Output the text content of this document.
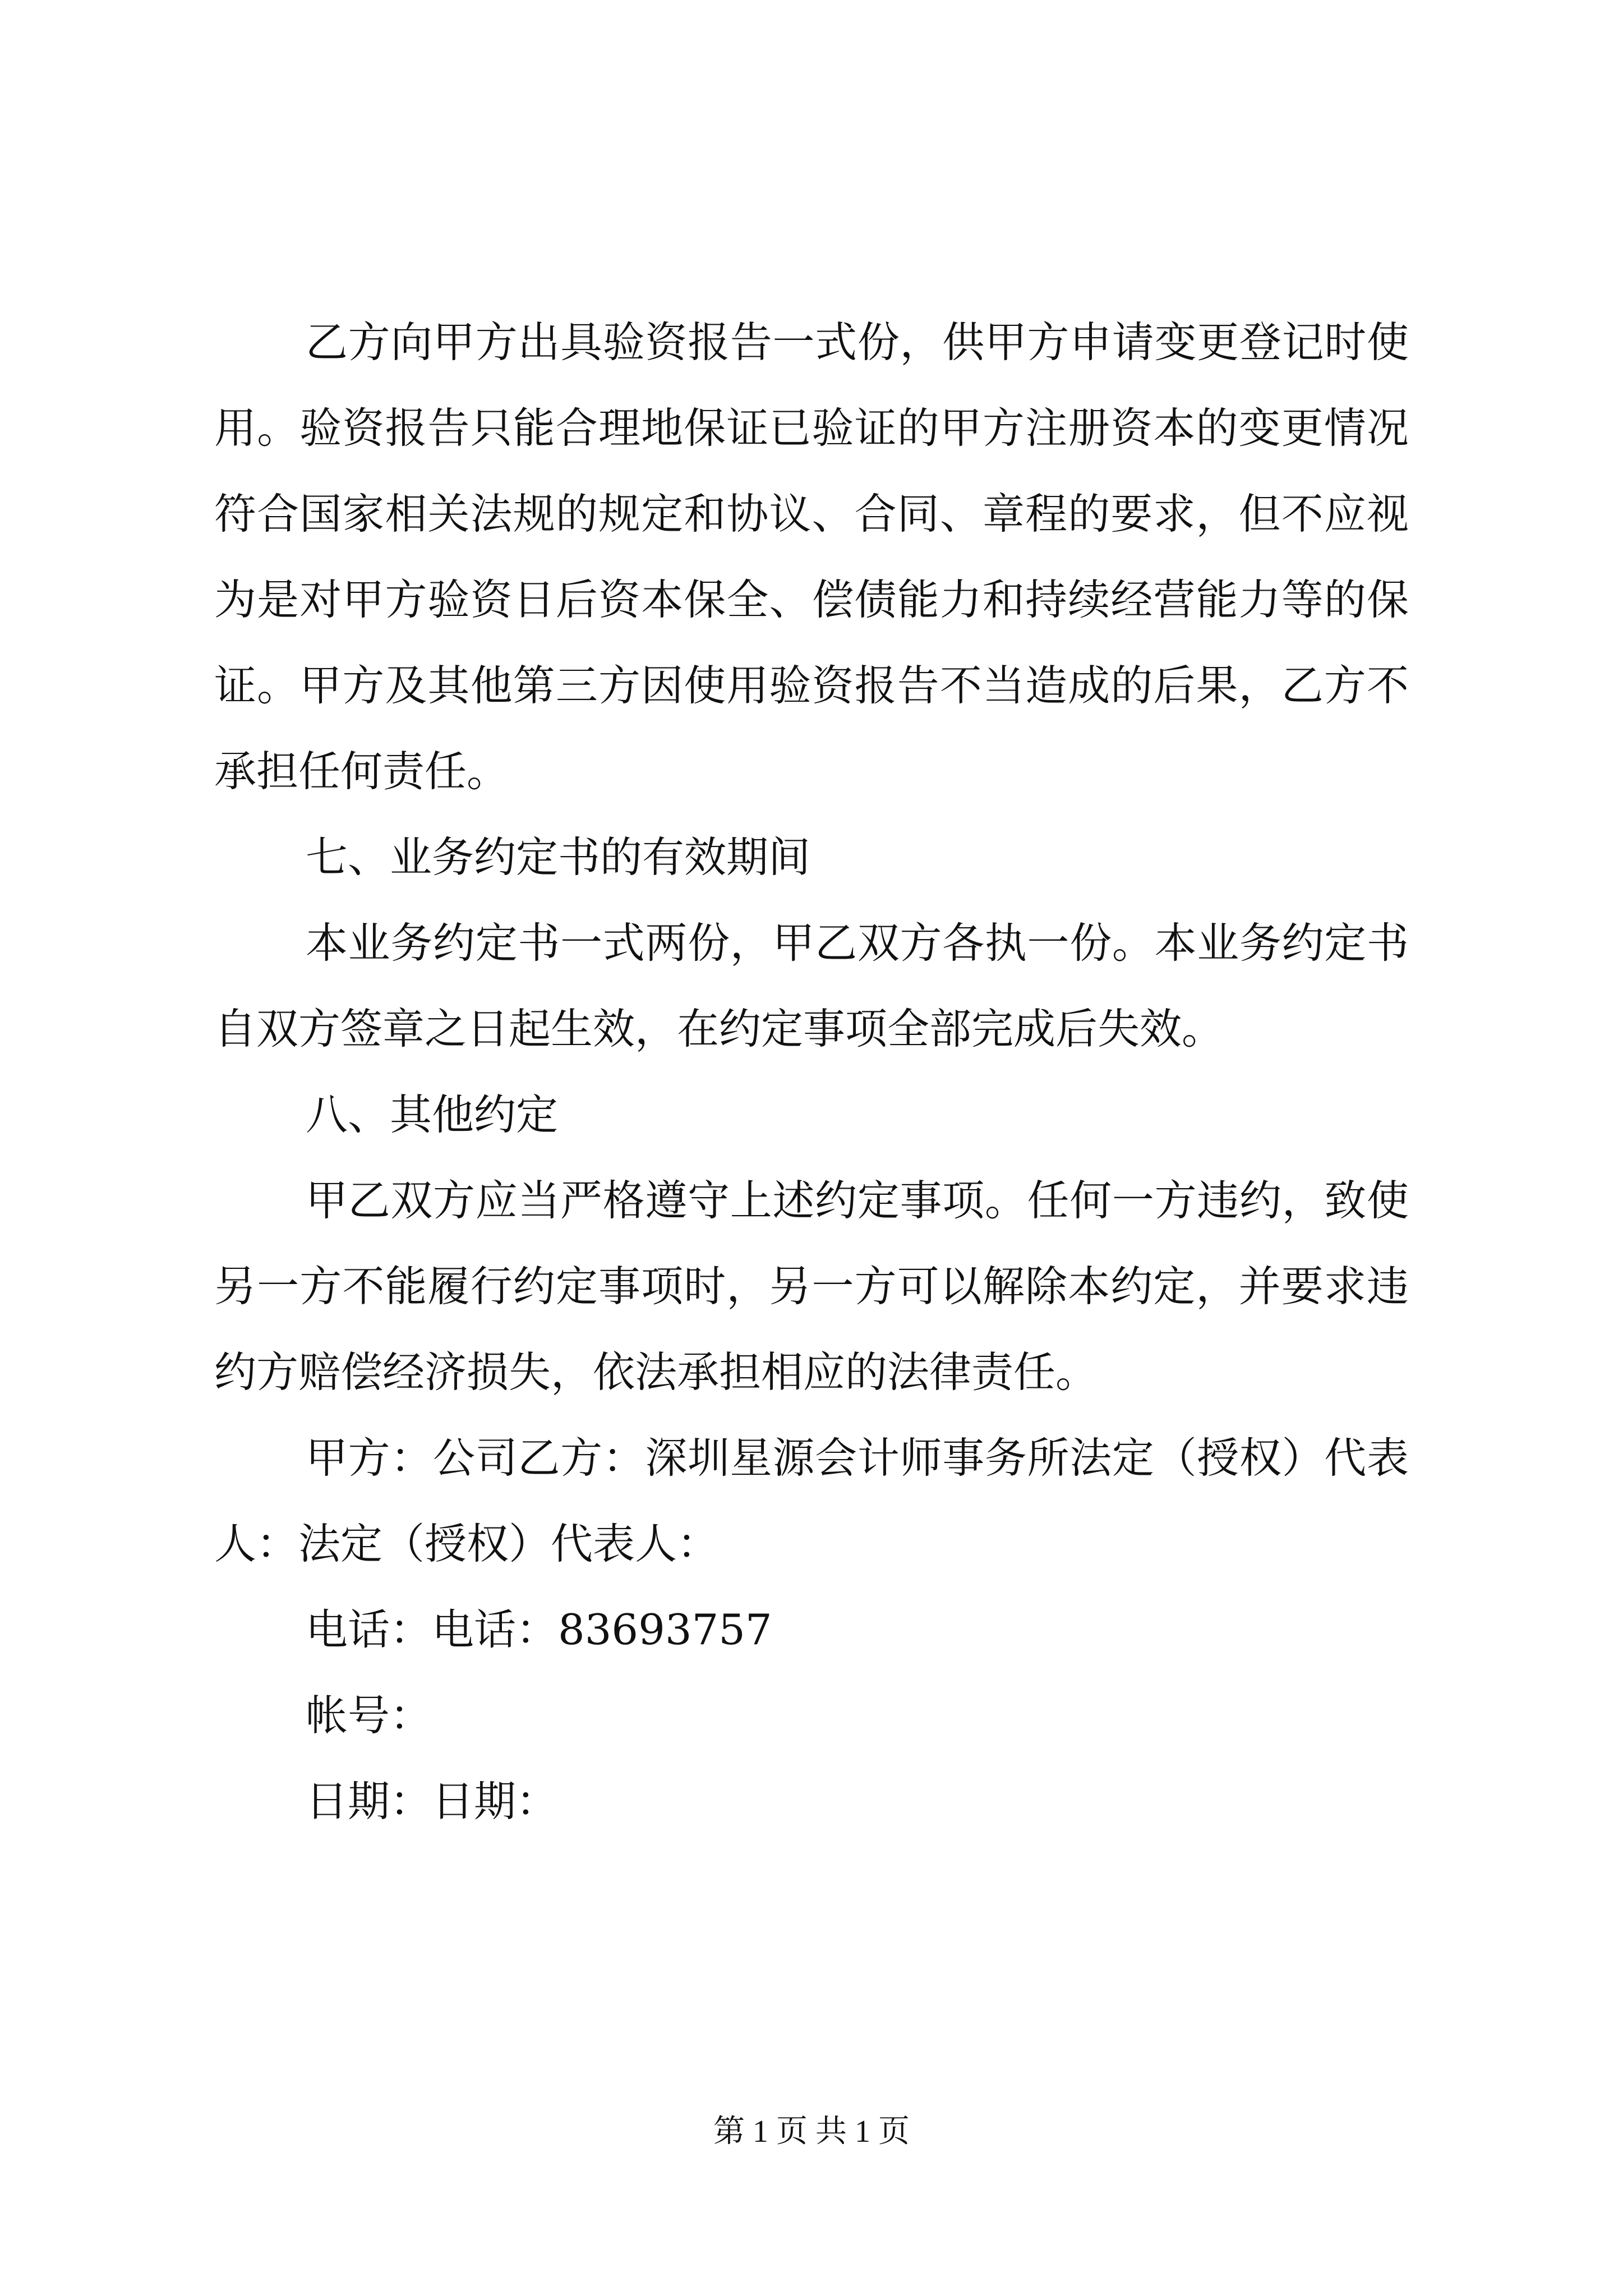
乙方向甲方出具验资报告一式份，供甲方申请变更登记时使

用。验资报告只能合理地保证已验证的甲方注册资本的变更情况

符合国家相关法规的规定和协议、合同、章程的要求，但不应视

为是对甲方验资日后资本保全、偿债能力和持续经营能力等的保

证。甲方及其他第三方因使用验资报告不当造成的后果，乙方不

承担任何责任。

七、业务约定书的有效期间

本业务约定书一式两份，甲乙双方各执一份。本业务约定书

自双方签章之日起生效，在约定事项全部完成后失效。

八、其他约定

甲乙双方应当严格遵守上述约定事项。任何一方违约，致使

另一方不能履行约定事项时，另一方可以解除本约定，并要求违

约方赔偿经济损失，依法承担相应的法律责任。

甲方：公司乙方：深圳星源会计师事务所法定（授权）代表

人：法定（授权）代表人：

电话：电话：83693757

帐号：

日期：日期：

第 1 页 共 1 页
